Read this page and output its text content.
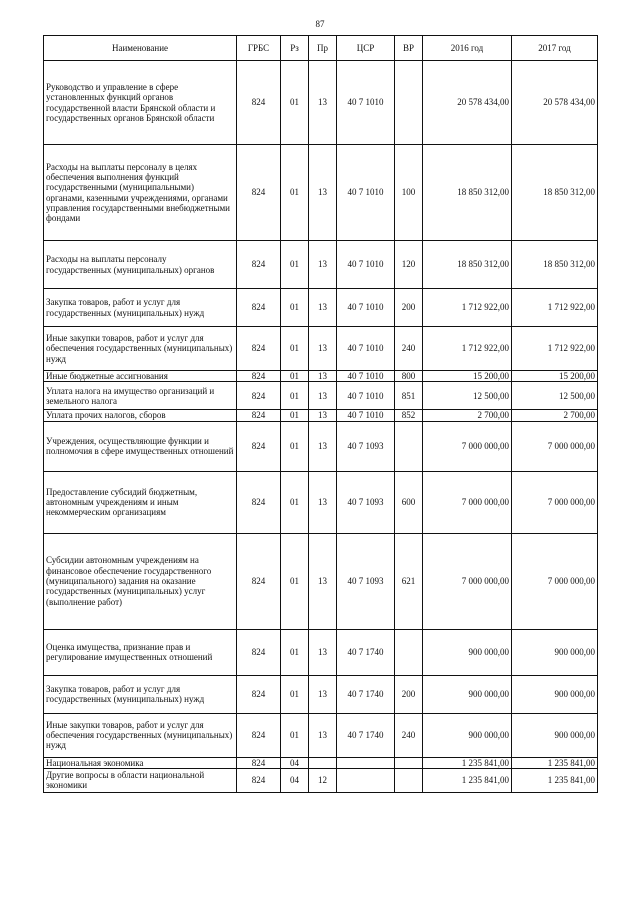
87
Наименование	ГРБС	Рз	Пр	ЦСР	ВР	2016 год	2017 год
Руководство и управление в сфере установленных функций органов государственной власти Брянской области и государственных органов Брянской области	824	01	13	40 7 1010		20 578 434,00	20 578 434,00
Расходы на выплаты персоналу в целях обеспечения выполнения функций государственными (муниципальными) органами, казенными учреждениями, органами управления государственными внебюджетными фондами	824	01	13	40 7 1010	100	18 850 312,00	18 850 312,00
Расходы на выплаты персоналу государственных (муниципальных) органов	824	01	13	40 7 1010	120	18 850 312,00	18 850 312,00
Закупка товаров, работ и услуг для государственных (муниципальных) нужд	824	01	13	40 7 1010	200	1 712 922,00	1 712 922,00
Иные закупки товаров, работ и услуг для обеспечения государственных (муниципальных) нужд	824	01	13	40 7 1010	240	1 712 922,00	1 712 922,00
Иные бюджетные ассигнования	824	01	13	40 7 1010	800	15 200,00	15 200,00
Уплата налога на имущество организаций и земельного налога	824	01	13	40 7 1010	851	12 500,00	12 500,00
Уплата прочих налогов, сборов	824	01	13	40 7 1010	852	2 700,00	2 700,00
Учреждения, осуществляющие функции и полномочия в сфере имущественных отношений	824	01	13	40 7 1093		7 000 000,00	7 000 000,00
Предоставление субсидий бюджетным, автономным учреждениям и иным некоммерческим организациям	824	01	13	40 7 1093	600	7 000 000,00	7 000 000,00
Субсидии автономным учреждениям на финансовое обеспечение государственного (муниципального) задания на оказание государственных (муниципальных) услуг (выполнение работ)	824	01	13	40 7 1093	621	7 000 000,00	7 000 000,00
Оценка имущества, признание прав и регулирование имущественных отношений	824	01	13	40 7 1740		900 000,00	900 000,00
Закупка товаров, работ и услуг для государственных (муниципальных) нужд	824	01	13	40 7 1740	200	900 000,00	900 000,00
Иные закупки товаров, работ и услуг для обеспечения государственных (муниципальных) нужд	824	01	13	40 7 1740	240	900 000,00	900 000,00
Национальная экономика	824	04				1 235 841,00	1 235 841,00
Другие вопросы в области национальной экономики	824	04	12			1 235 841,00	1 235 841,00
